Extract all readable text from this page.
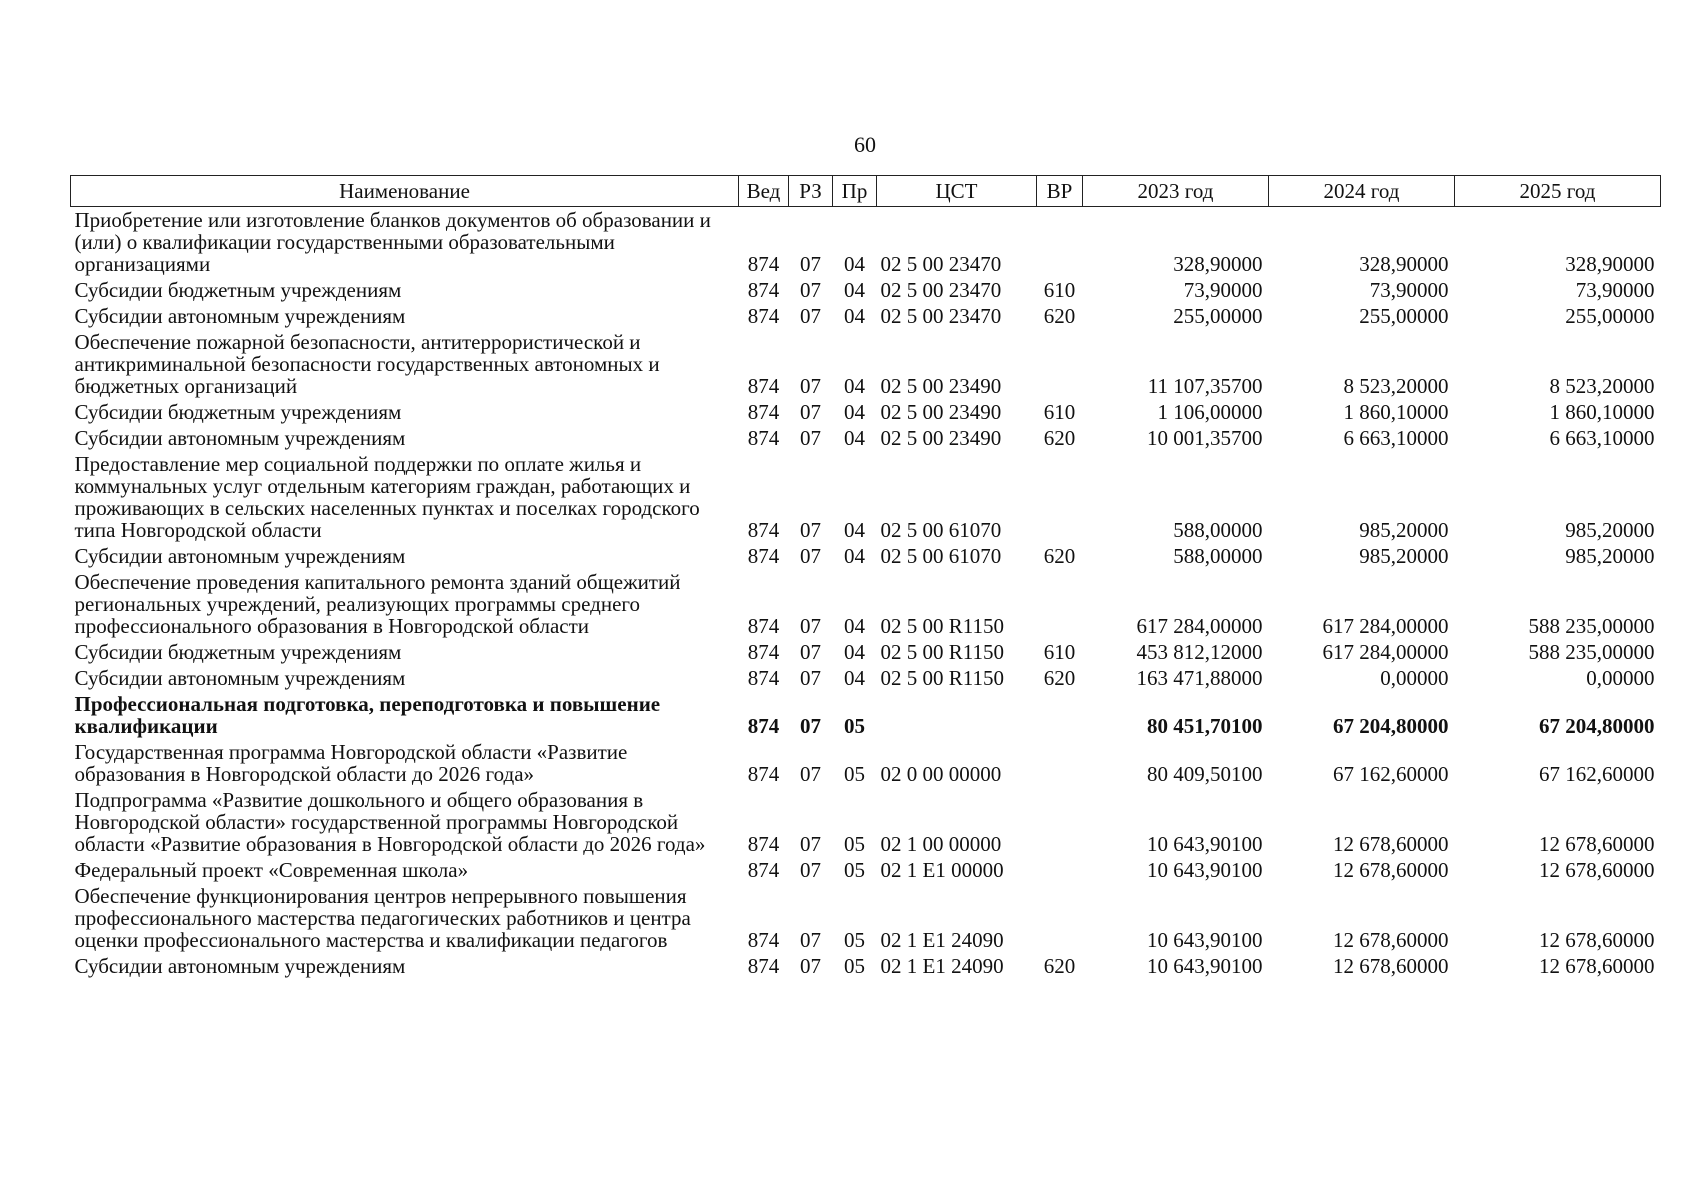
60
Наименование	Вед	РЗ	Пр	ЦСТ	ВР	2023 год	2024 год	2025 год
Приобретение или изготовление бланков документов об образовании и (или) о квалификации государственными образовательными организациями	874	07	04	02 5 00 23470		328,90000	328,90000	328,90000
Субсидии бюджетным учреждениям	874	07	04	02 5 00 23470	610	73,90000	73,90000	73,90000
Субсидии автономным учреждениям	874	07	04	02 5 00 23470	620	255,00000	255,00000	255,00000
Обеспечение пожарной безопасности, антитеррористической и антикриминальной безопасности государственных автономных и бюджетных организаций	874	07	04	02 5 00 23490		11 107,35700	8 523,20000	8 523,20000
Субсидии бюджетным учреждениям	874	07	04	02 5 00 23490	610	1 106,00000	1 860,10000	1 860,10000
Субсидии автономным учреждениям	874	07	04	02 5 00 23490	620	10 001,35700	6 663,10000	6 663,10000
Предоставление мер социальной поддержки по оплате жилья и коммунальных услуг отдельным категориям граждан, работающих и проживающих в сельских населенных пунктах и поселках городского типа Новгородской области	874	07	04	02 5 00 61070		588,00000	985,20000	985,20000
Субсидии автономным учреждениям	874	07	04	02 5 00 61070	620	588,00000	985,20000	985,20000
Обеспечение проведения капитального ремонта зданий общежитий региональных учреждений, реализующих программы среднего профессионального образования в Новгородской области	874	07	04	02 5 00 R1150		617 284,00000	617 284,00000	588 235,00000
Субсидии бюджетным учреждениям	874	07	04	02 5 00 R1150	610	453 812,12000	617 284,00000	588 235,00000
Субсидии автономным учреждениям	874	07	04	02 5 00 R1150	620	163 471,88000	0,00000	0,00000
Профессиональная подготовка, переподготовка и повышение квалификации	874	07	05			80 451,70100	67 204,80000	67 204,80000
Государственная программа Новгородской области «Развитие образования в Новгородской области до 2026 года»	874	07	05	02 0 00 00000		80 409,50100	67 162,60000	67 162,60000
Подпрограмма «Развитие дошкольного и общего образования в Новгородской области» государственной программы Новгородской области «Развитие образования в Новгородской области до 2026 года»	874	07	05	02 1 00 00000		10 643,90100	12 678,60000	12 678,60000
Федеральный проект «Современная школа»	874	07	05	02 1 E1 00000		10 643,90100	12 678,60000	12 678,60000
Обеспечение функционирования центров непрерывного повышения профессионального мастерства педагогических работников и центра оценки профессионального мастерства и квалификации педагогов	874	07	05	02 1 E1 24090		10 643,90100	12 678,60000	12 678,60000
Субсидии автономным учреждениям	874	07	05	02 1 E1 24090	620	10 643,90100	12 678,60000	12 678,60000
